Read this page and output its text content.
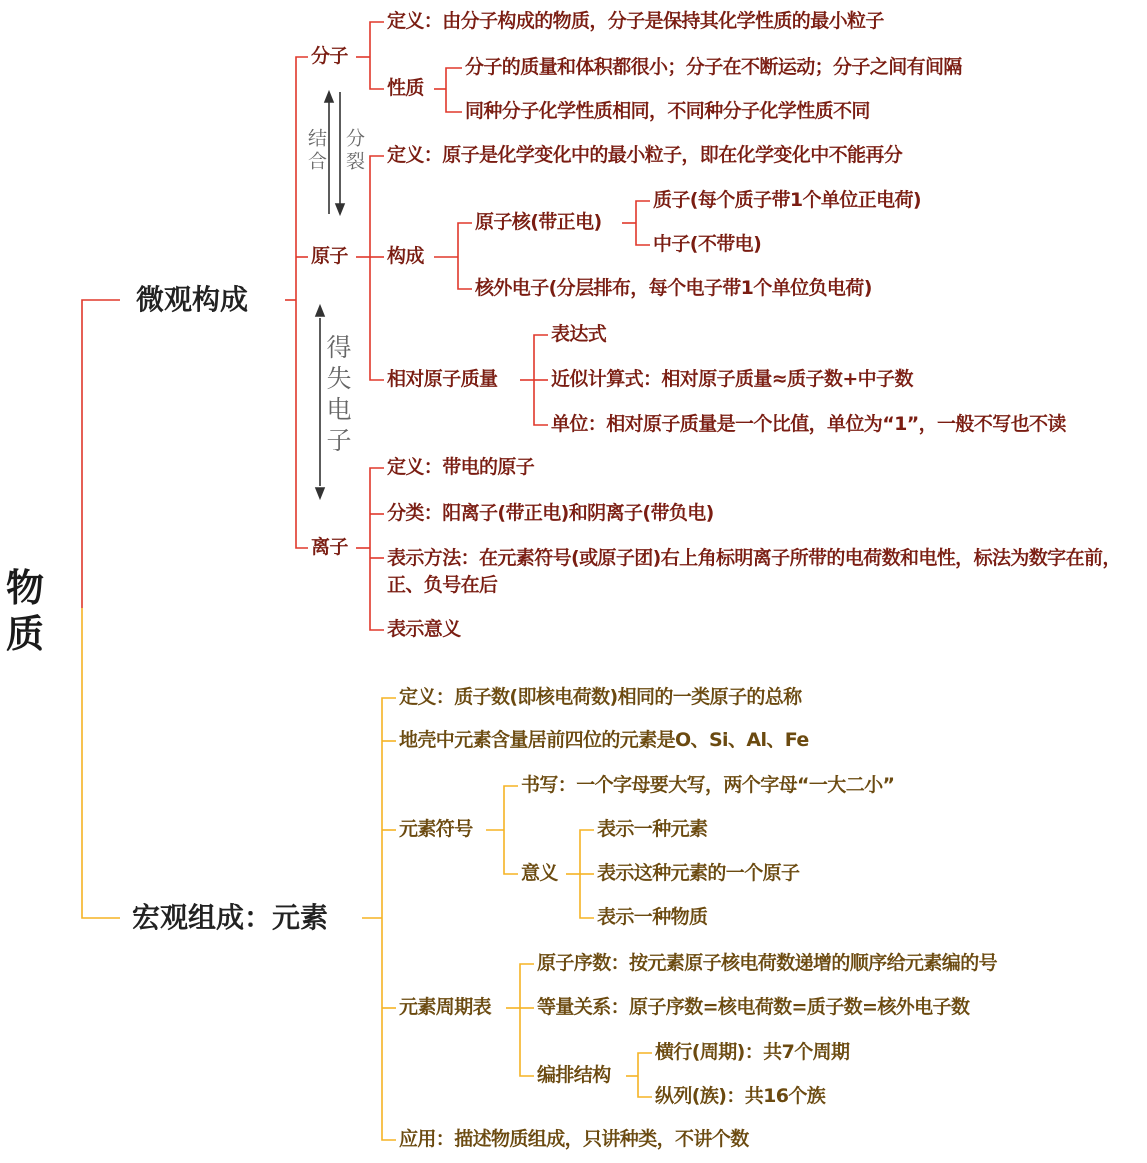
物质
微观构成
宏观组成：元素
分子
定义：由分子构成的物质，分子是保持其化学性质的最小粒子
性质
分子的质量和体积都很小；分子在不断运动；分子之间有间隔
同种分子化学性质相同，不同种分子化学性质不同
结合 分裂
得失电子
原子
定义：原子是化学变化中的最小粒子，即在化学变化中不能再分
构成
原子核(带正电)
质子(每个质子带1个单位正电荷)
中子(不带电)
核外电子(分层排布，每个电子带1个单位负电荷)
相对原子质量
表达式
近似计算式：相对原子质量≈质子数+中子数
单位：相对原子质量是一个比值，单位为“1”，一般不写也不读
离子
定义：带电的原子
分类：阳离子(带正电)和阴离子(带负电)
表示方法：在元素符号(或原子团)右上角标明离子所带的电荷数和电性，标法为数字在前，正、负号在后
表示意义
定义：质子数(即核电荷数)相同的一类原子的总称
地壳中元素含量居前四位的元素是O、Si、Al、Fe
元素符号
书写：一个字母要大写，两个字母“一大二小”
意义
表示一种元素
表示这种元素的一个原子
表示一种物质
元素周期表
原子序数：按元素原子核电荷数递增的顺序给元素编的号
等量关系：原子序数=核电荷数=质子数=核外电子数
编排结构
横行(周期)：共7个周期
纵列(族)：共16个族
应用：描述物质组成，只讲种类，不讲个数
